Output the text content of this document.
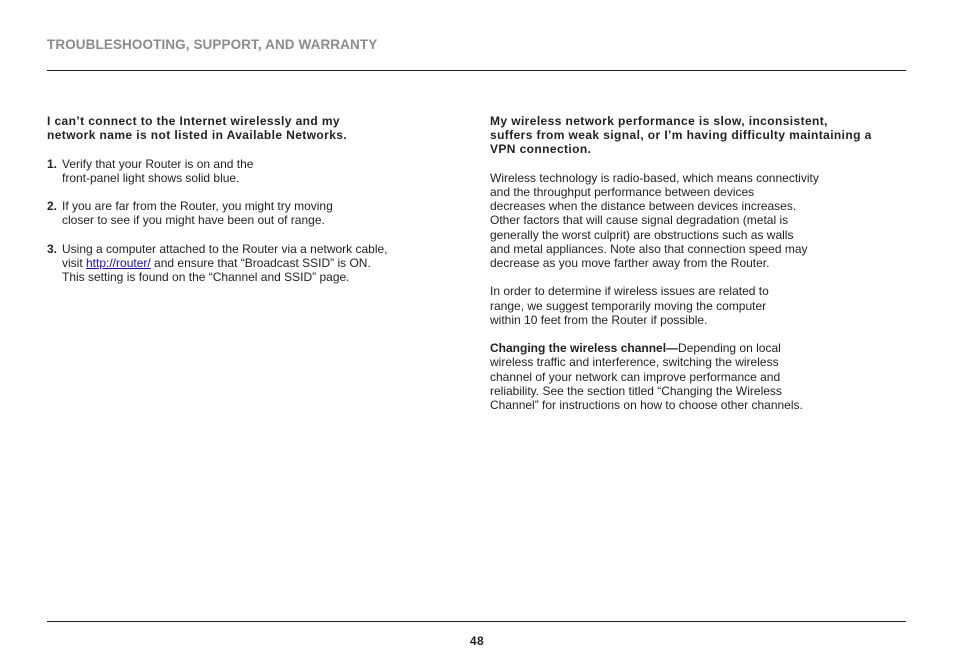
TROUBLESHOOTING, SUPPORT, AND WARRANTY

I can’t connect to the Internet wirelessly and my
network name is not listed in Available Networks.

1. Verify that your Router is on and the
front-panel light shows solid blue.
2. If you are far from the Router, you might try moving
closer to see if you might have been out of range.
3. Using a computer attached to the Router via a network cable,
visit http://router/ and ensure that “Broadcast SSID” is ON.
This setting is found on the “Channel and SSID” page.

My wireless network performance is slow, inconsistent,
suffers from weak signal, or I’m having difficulty maintaining a
VPN connection.

Wireless technology is radio-based, which means connectivity
and the throughput performance between devices
decreases when the distance between devices increases.
Other factors that will cause signal degradation (metal is
generally the worst culprit) are obstructions such as walls
and metal appliances. Note also that connection speed may
decrease as you move farther away from the Router.

In order to determine if wireless issues are related to
range, we suggest temporarily moving the computer
within 10 feet from the Router if possible.

Changing the wireless channel—Depending on local
wireless traffic and interference, switching the wireless
channel of your network can improve performance and
reliability. See the section titled “Changing the Wireless
Channel” for instructions on how to choose other channels.

48
